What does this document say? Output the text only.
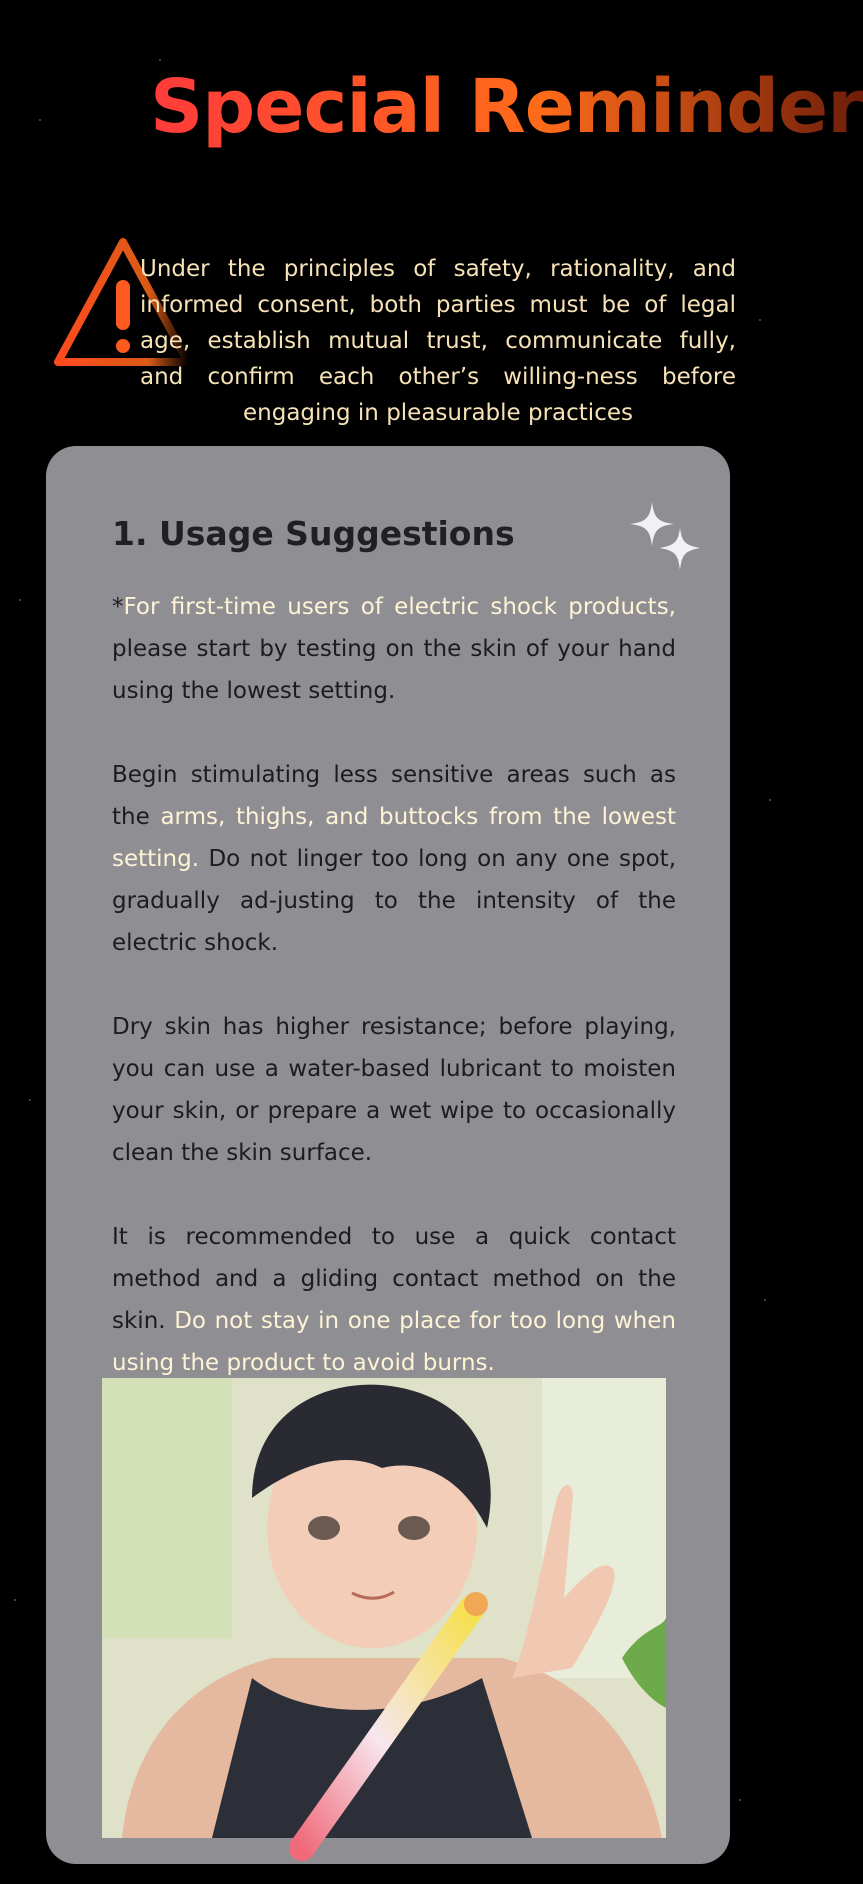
Special Reminder

Under the principles of safety, rationality, and informed consent, both parties must be of legal age, establish mutual trust, communicate fully, and confirm each other’s willing-ness before engaging in pleasurable practices

1. Usage Suggestions

*For first-time users of electric shock products, please start by testing on the skin of your hand using the lowest setting.

Begin stimulating less sensitive areas such as the arms, thighs, and buttocks from the lowest setting. Do not linger too long on any one spot, gradually ad-justing to the intensity of the electric shock.

Dry skin has higher resistance; before playing, you can use a water-based lubricant to moisten your skin, or prepare a wet wipe to occasionally clean the skin surface.

It is recommended to use a quick contact method and a gliding contact method on the skin. Do not stay in one place for too long when using the product to avoid burns.
